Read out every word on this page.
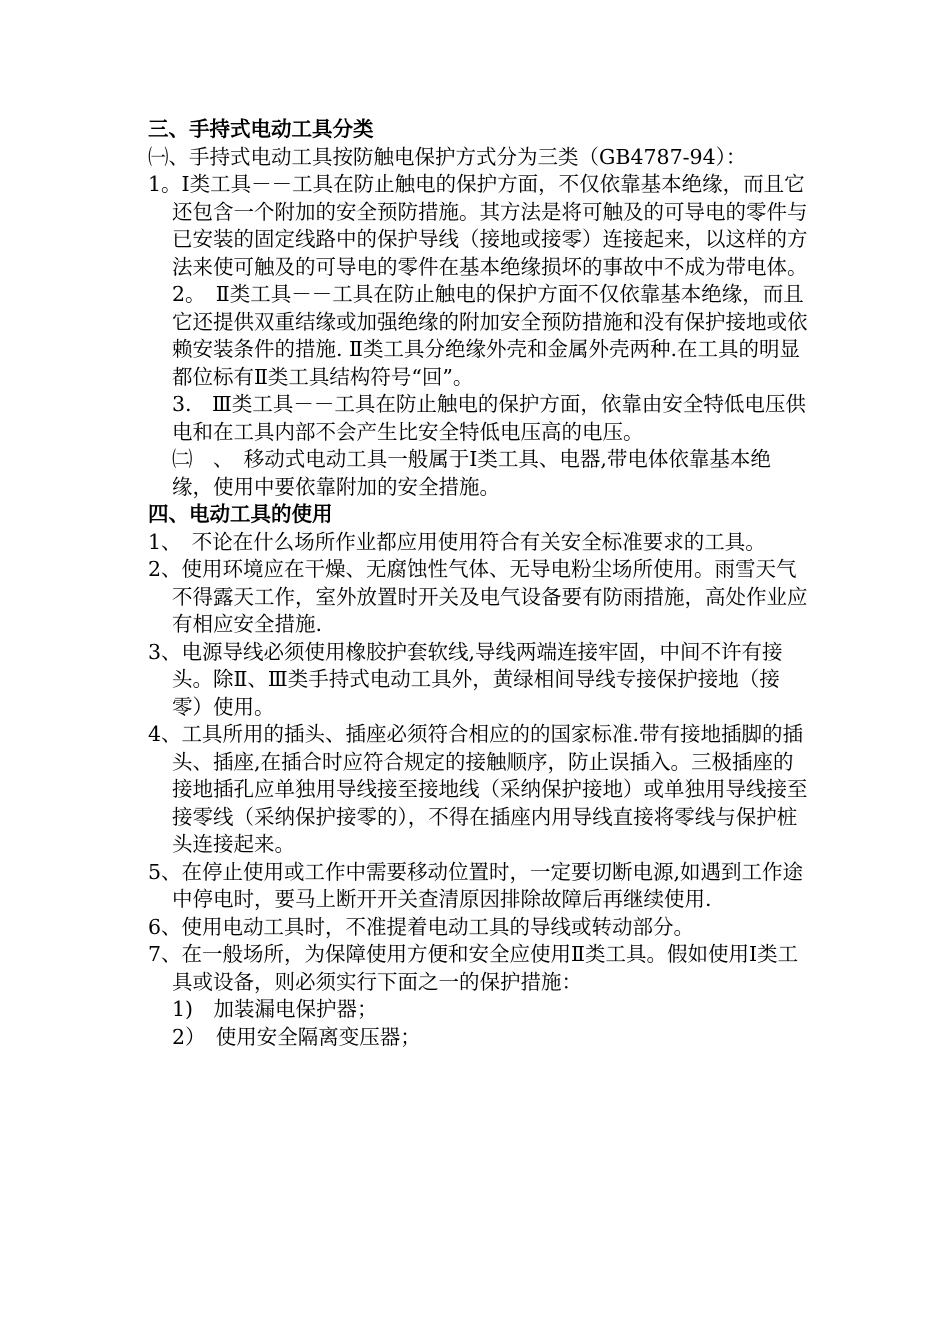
三、手持式电动工具分类

㈠、手持式电动工具按防触电保护方式分为三类（GB4787-94）：

1。Ⅰ类工具－－工具在防止触电的保护方面，不仅依靠基本绝缘，而且它还包含一个附加的安全预防措施。其方法是将可触及的可导电的零件与已安装的固定线路中的保护导线（接地或接零）连接起来，以这样的方法来使可触及的可导电的零件在基本绝缘损坏的事故中不成为带电体。

2。　Ⅱ类工具－－工具在防止触电的保护方面不仅依靠基本绝缘，而且它还提供双重结缘或加强绝缘的附加安全预防措施和没有保护接地或依赖安装条件的措施. Ⅱ类工具分绝缘外壳和金属外壳两种.在工具的明显都位标有Ⅱ类工具结构符号“回”。

3.　Ⅲ类工具－－工具在防止触电的保护方面，依靠由安全特低电压供电和在工具内部不会产生比安全特低电压高的电压。

㈡　、　移动式电动工具一般属于Ⅰ类工具、电器,带电体依靠基本绝缘，使用中要依靠附加的安全措施。

四、电动工具的使用

1、　不论在什么场所作业都应用使用符合有关安全标准要求的工具。

2、使用环境应在干燥、无腐蚀性气体、无导电粉尘场所使用。雨雪天气不得露天工作，室外放置时开关及电气设备要有防雨措施，高处作业应有相应安全措施.

3、电源导线必须使用橡胶护套软线,导线两端连接牢固，中间不许有接头。除Ⅱ、Ⅲ类手持式电动工具外，黄绿相间导线专接保护接地（接零）使用。

4、工具所用的插头、插座必须符合相应的的国家标准.带有接地插脚的插头、插座,在插合时应符合规定的接触顺序，防止误插入。三极插座的接地插孔应单独用导线接至接地线（采纳保护接地）或单独用导线接至接零线（采纳保护接零的），不得在插座内用导线直接将零线与保护桩头连接起来。

5、在停止使用或工作中需要移动位置时，一定要切断电源,如遇到工作途中停电时，要马上断开开关查清原因排除故障后再继续使用.

6、使用电动工具时，不准提着电动工具的导线或转动部分。

7、在一般场所，为保障使用方便和安全应使用Ⅱ类工具。假如使用Ⅰ类工具或设备，则必须实行下面之一的保护措施：

1)　加装漏电保护器；

2）　使用安全隔离变压器；
